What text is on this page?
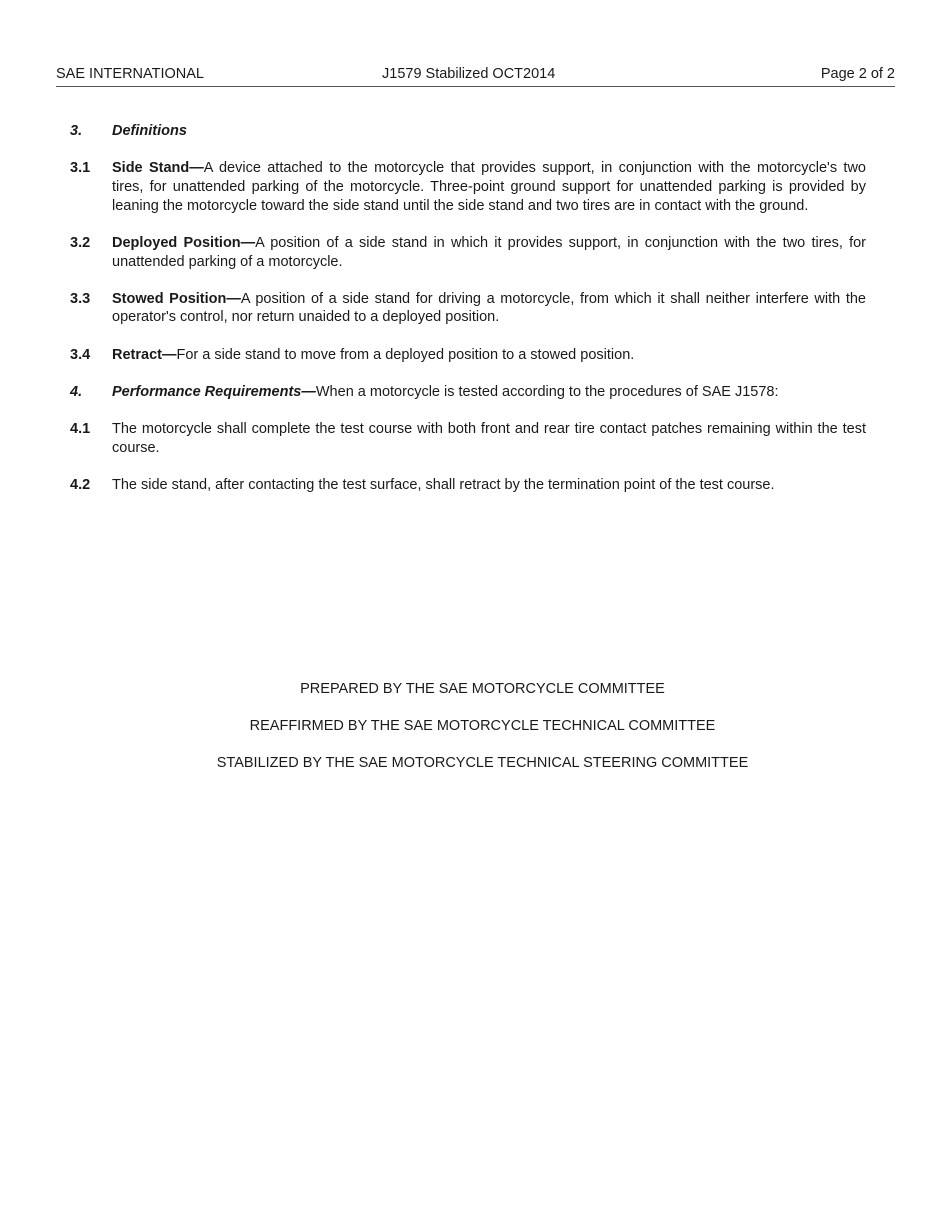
SAE INTERNATIONAL	J1579 Stabilized OCT2014	Page 2 of 2
3.	Definitions
3.1	Side Stand—A device attached to the motorcycle that provides support, in conjunction with the motorcycle's two tires, for unattended parking of the motorcycle. Three-point ground support for unattended parking is provided by leaning the motorcycle toward the side stand until the side stand and two tires are in contact with the ground.
3.2	Deployed Position—A position of a side stand in which it provides support, in conjunction with the two tires, for unattended parking of a motorcycle.
3.3	Stowed Position—A position of a side stand for driving a motorcycle, from which it shall neither interfere with the operator's control, nor return unaided to a deployed position.
3.4	Retract—For a side stand to move from a deployed position to a stowed position.
4.	Performance Requirements—When a motorcycle is tested according to the procedures of SAE J1578:
4.1	The motorcycle shall complete the test course with both front and rear tire contact patches remaining within the test course.
4.2	The side stand, after contacting the test surface, shall retract by the termination point of the test course.
PREPARED BY THE SAE MOTORCYCLE COMMITTEE
REAFFIRMED BY THE SAE MOTORCYCLE TECHNICAL COMMITTEE
STABILIZED BY THE SAE MOTORCYCLE TECHNICAL STEERING COMMITTEE
